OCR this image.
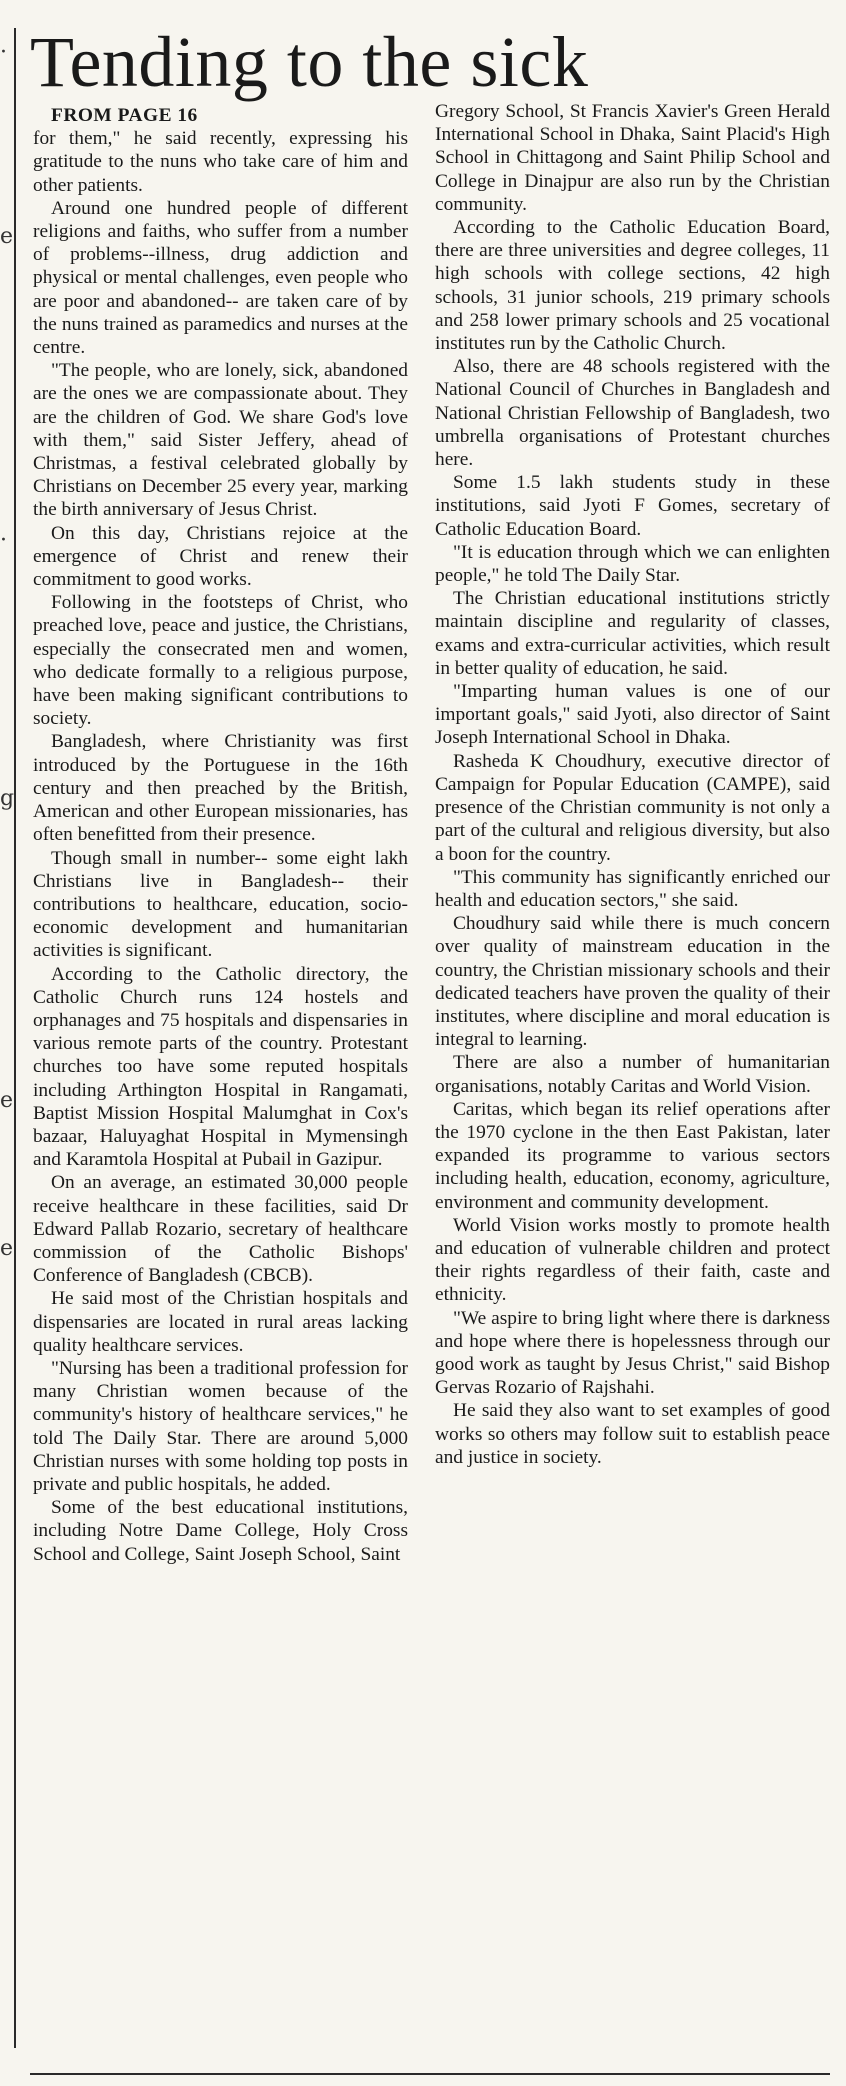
·
e
·
g
e
e
Tending to the sick

FROM PAGE 16

for them," he said recently, expressing his gratitude to the nuns who take care of him and other patients.

Around one hundred people of different religions and faiths, who suffer from a number of problems--illness, drug addiction and physical or mental challenges, even people who are poor and abandoned-- are taken care of by the nuns trained as paramedics and nurses at the centre.

"The people, who are lonely, sick, abandoned are the ones we are compassionate about. They are the children of God. We share God's love with them," said Sister Jeffery, ahead of Christmas, a festival celebrated globally by Christians on December 25 every year, marking the birth anniversary of Jesus Christ.

On this day, Christians rejoice at the emergence of Christ and renew their commitment to good works.

Following in the footsteps of Christ, who preached love, peace and justice, the Christians, especially the consecrated men and women, who dedicate formally to a religious purpose, have been making significant contributions to society.

Bangladesh, where Christianity was first introduced by the Portuguese in the 16th century and then preached by the British, American and other European missionaries, has often benefitted from their presence.

Though small in number-- some eight lakh Christians live in Bangladesh-- their contributions to healthcare, education, socio-economic development and humanitarian activities is significant.

According to the Catholic directory, the Catholic Church runs 124 hostels and orphanages and 75 hospitals and dispensaries in various remote parts of the country. Protestant churches too have some reputed hospitals including Arthington Hospital in Rangamati, Baptist Mission Hospital Malumghat in Cox's bazaar, Haluyaghat Hospital in Mymensingh and Karamtola Hospital at Pubail in Gazipur.

On an average, an estimated 30,000 people receive healthcare in these facilities, said Dr Edward Pallab Rozario, secretary of healthcare commission of the Catholic Bishops' Conference of Bangladesh (CBCB).

He said most of the Christian hospitals and dispensaries are located in rural areas lacking quality healthcare services.

"Nursing has been a traditional profession for many Christian women because of the community's history of healthcare services," he told The Daily Star. There are around 5,000 Christian nurses with some holding top posts in private and public hospitals, he added.

Some of the best educational institutions, including Notre Dame College, Holy Cross School and College, Saint Joseph School, Saint

Gregory School, St Francis Xavier's Green Herald International School in Dhaka, Saint Placid's High School in Chittagong and Saint Philip School and College in Dinajpur are also run by the Christian community.

According to the Catholic Education Board, there are three universities and degree colleges, 11 high schools with college sections, 42 high schools, 31 junior schools, 219 primary schools and 258 lower primary schools and 25 vocational institutes run by the Catholic Church.

Also, there are 48 schools registered with the National Council of Churches in Bangladesh and National Christian Fellowship of Bangladesh, two umbrella organisations of Protestant churches here.

Some 1.5 lakh students study in these institutions, said Jyoti F Gomes, secretary of Catholic Education Board.

"It is education through which we can enlighten people," he told The Daily Star.

The Christian educational institutions strictly maintain discipline and regularity of classes, exams and extra-curricular activities, which result in better quality of education, he said.

"Imparting human values is one of our important goals," said Jyoti, also director of Saint Joseph International School in Dhaka.

Rasheda K Choudhury, executive director of Campaign for Popular Education (CAMPE), said presence of the Christian community is not only a part of the cultural and religious diversity, but also a boon for the country.

"This community has significantly enriched our health and education sectors," she said.

Choudhury said while there is much concern over quality of mainstream education in the country, the Christian missionary schools and their dedicated teachers have proven the quality of their institutes, where discipline and moral education is integral to learning.

There are also a number of humanitarian organisations, notably Caritas and World Vision.

Caritas, which began its relief operations after the 1970 cyclone in the then East Pakistan, later expanded its programme to various sectors including health, education, economy, agriculture, environment and community development.

World Vision works mostly to promote health and education of vulnerable children and protect their rights regardless of their faith, caste and ethnicity.

"We aspire to bring light where there is darkness and hope where there is hopelessness through our good work as taught by Jesus Christ," said Bishop Gervas Rozario of Rajshahi.

He said they also want to set examples of good works so others may follow suit to establish peace and justice in society.
